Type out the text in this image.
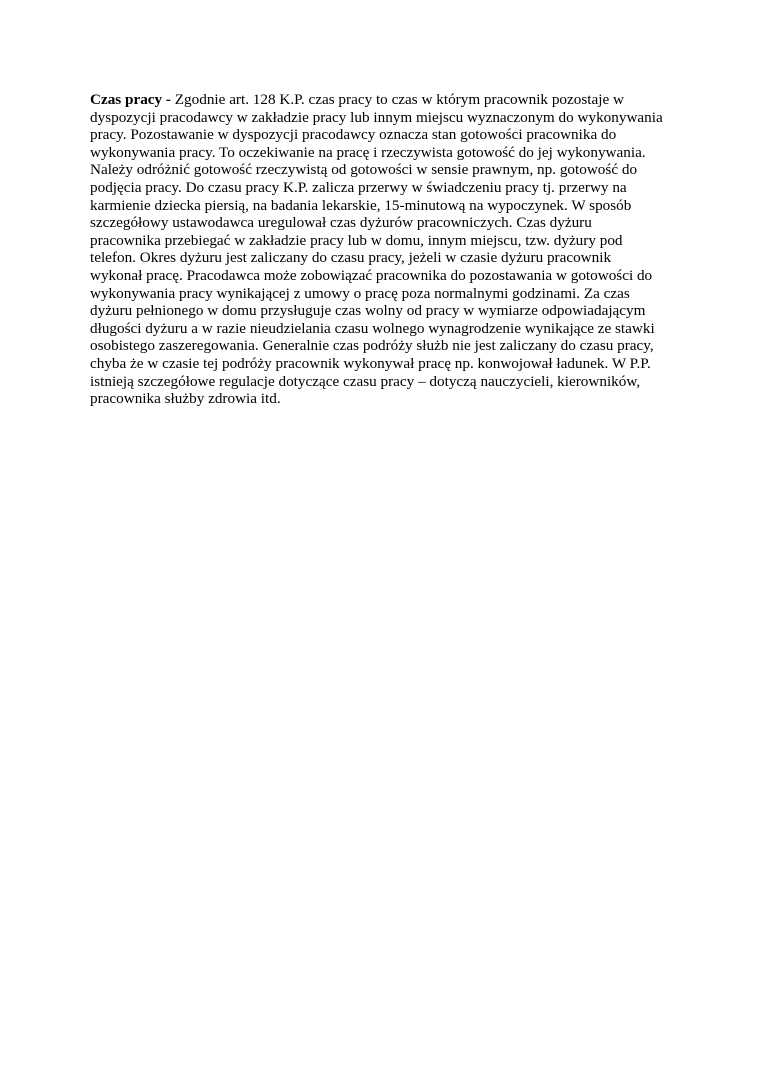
Czas pracy - Zgodnie art. 128 K.P. czas pracy to czas w którym pracownik pozostaje w
dyspozycji pracodawcy w zakładzie pracy lub innym miejscu wyznaczonym do wykonywania
pracy. Pozostawanie w dyspozycji pracodawcy oznacza stan gotowości pracownika do
wykonywania pracy. To oczekiwanie na pracę i rzeczywista gotowość do jej wykonywania.
Należy odróżnić gotowość rzeczywistą od gotowości w sensie prawnym, np. gotowość do
podjęcia pracy. Do czasu pracy K.P. zalicza przerwy w świadczeniu pracy tj. przerwy na
karmienie dziecka piersią, na badania lekarskie, 15-minutową na wypoczynek. W sposób
szczegółowy ustawodawca uregulował czas dyżurów pracowniczych. Czas dyżuru
pracownika przebiegać w zakładzie pracy lub w domu, innym miejscu, tzw. dyżury pod
telefon. Okres dyżuru jest zaliczany do czasu pracy, jeżeli w czasie dyżuru pracownik
wykonał pracę. Pracodawca może zobowiązać pracownika do pozostawania w gotowości do
wykonywania pracy wynikającej z umowy o pracę poza normalnymi godzinami. Za czas
dyżuru pełnionego w domu przysługuje czas wolny od pracy w wymiarze odpowiadającym
długości dyżuru a w razie nieudzielania czasu wolnego wynagrodzenie wynikające ze stawki
osobistego zaszeregowania. Generalnie czas podróży służb nie jest zaliczany do czasu pracy,
chyba że w czasie tej podróży pracownik wykonywał pracę np. konwojował ładunek. W P.P.
istnieją szczegółowe regulacje dotyczące czasu pracy – dotyczą nauczycieli, kierowników,
pracownika służby zdrowia itd.
